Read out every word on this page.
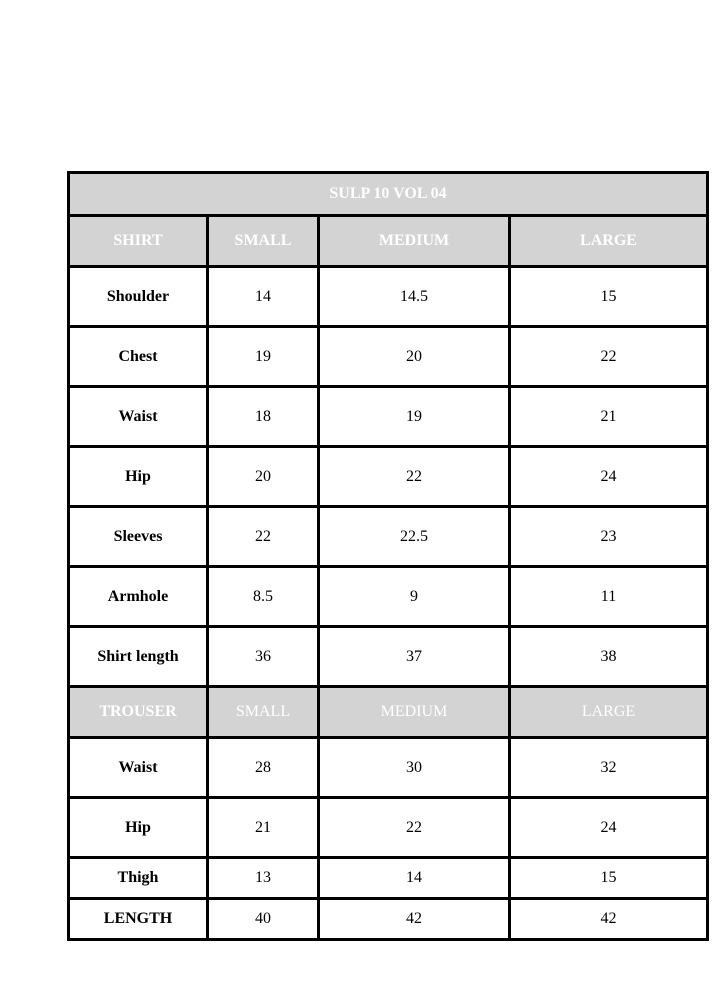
SULP 10 VOL 04			
SHIRT	SMALL	MEDIUM	LARGE
Shoulder	14	14.5	15
Chest	19	20	22
Waist	18	19	21
Hip	20	22	24
Sleeves	22	22.5	23
Armhole	8.5	9	11
Shirt length	36	37	38
TROUSER	SMALL	MEDIUM	LARGE
Waist	28	30	32
Hip	21	22	24
Thigh	13	14	15
LENGTH	40	42	42
